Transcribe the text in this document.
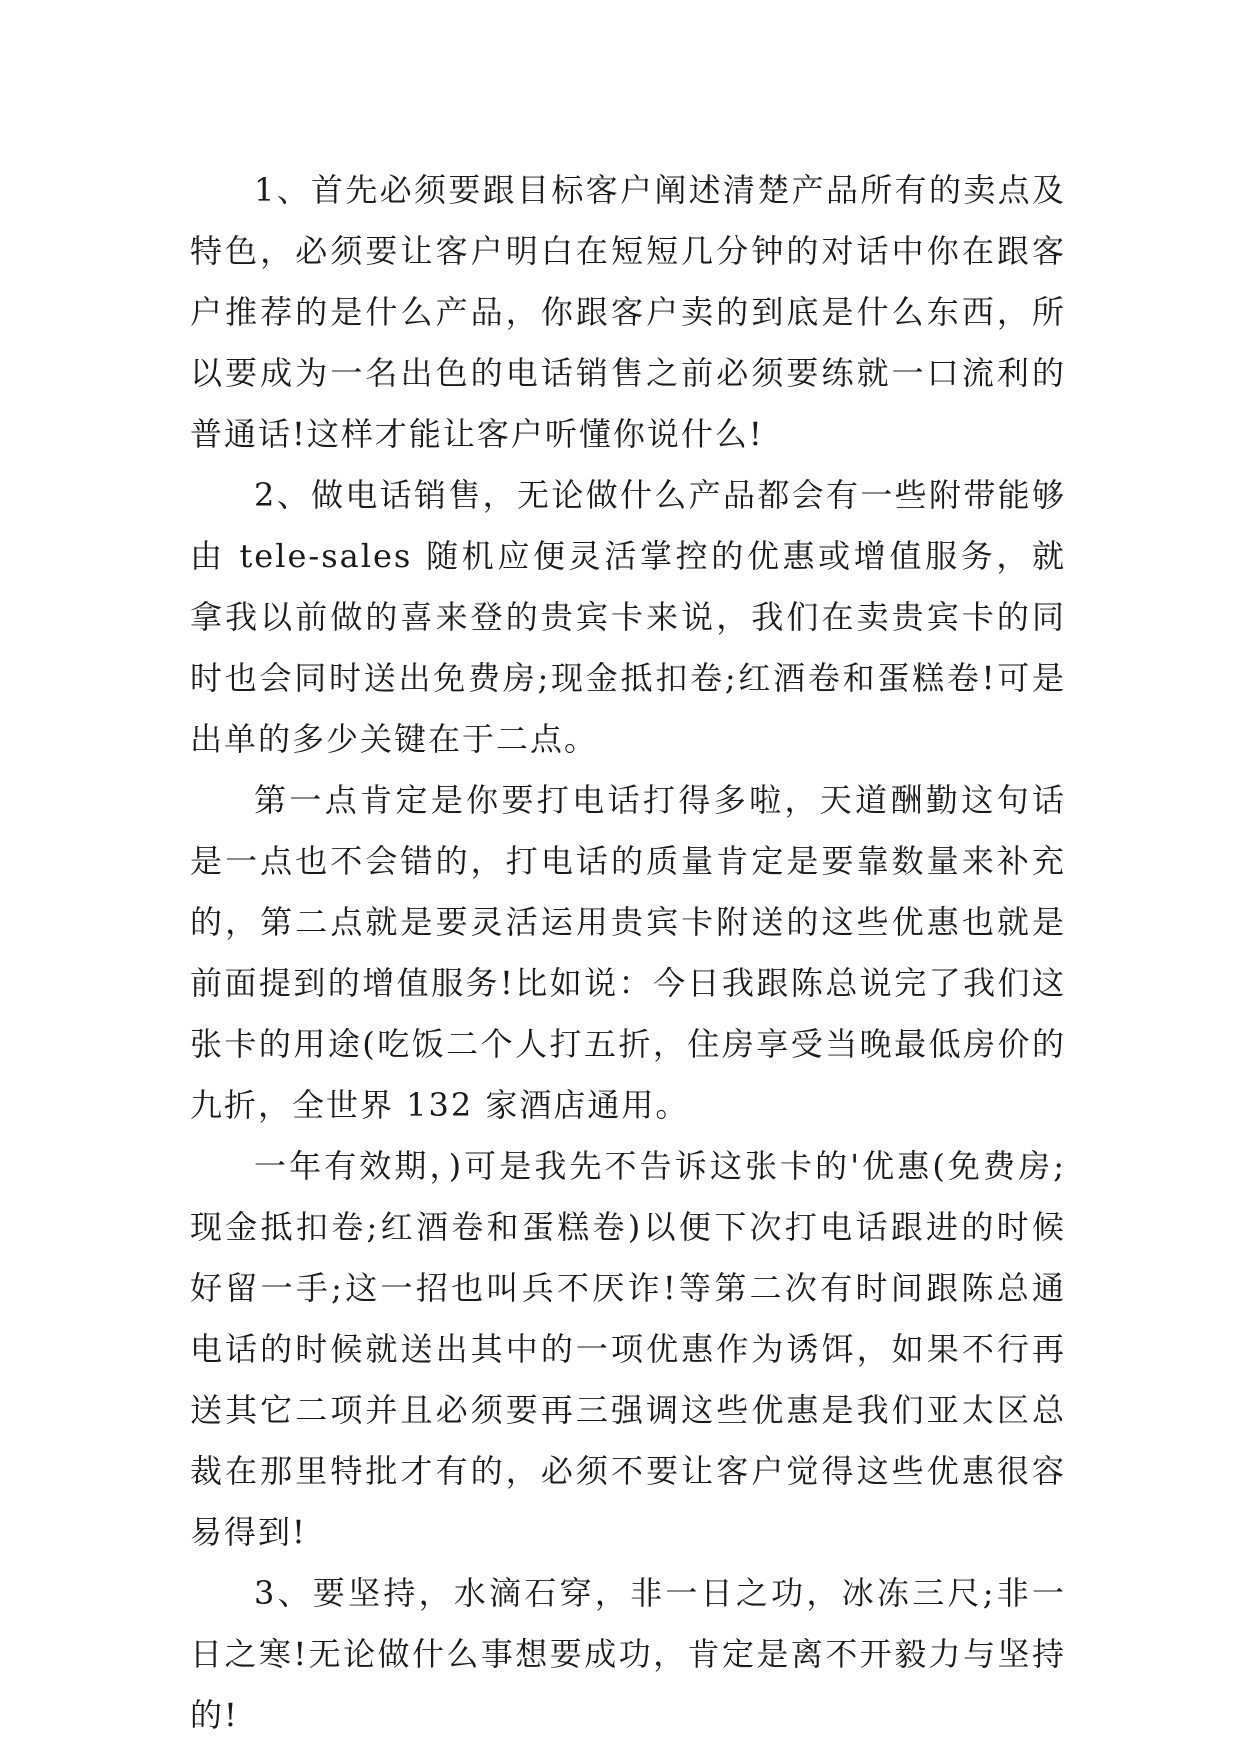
1、首先必须要跟目标客户阐述清楚产品所有的卖点及特色，必须要让客户明白在短短几分钟的对话中你在跟客户推荐的是什么产品，你跟客户卖的到底是什么东西，所以要成为一名出色的电话销售之前必须要练就一口流利的普通话!这样才能让客户听懂你说什么!

2、做电话销售，无论做什么产品都会有一些附带能够由 tele-sales 随机应便灵活掌控的优惠或增值服务，就拿我以前做的喜来登的贵宾卡来说，我们在卖贵宾卡的同时也会同时送出免费房;现金抵扣卷;红酒卷和蛋糕卷!可是出单的多少关键在于二点。

第一点肯定是你要打电话打得多啦，天道酬勤这句话是一点也不会错的，打电话的质量肯定是要靠数量来补充的，第二点就是要灵活运用贵宾卡附送的这些优惠也就是前面提到的增值服务!比如说：今日我跟陈总说完了我们这张卡的用途(吃饭二个人打五折，住房享受当晚最低房价的九折，全世界 132 家酒店通用。

一年有效期，)可是我先不告诉这张卡的'优惠(免费房;现金抵扣卷;红酒卷和蛋糕卷)以便下次打电话跟进的时候好留一手;这一招也叫兵不厌诈!等第二次有时间跟陈总通电话的时候就送出其中的一项优惠作为诱饵，如果不行再送其它二项并且必须要再三强调这些优惠是我们亚太区总裁在那里特批才有的，必须不要让客户觉得这些优惠很容易得到!

3、要坚持，水滴石穿，非一日之功，冰冻三尺;非一日之寒!无论做什么事想要成功，肯定是离不开毅力与坚持的!
